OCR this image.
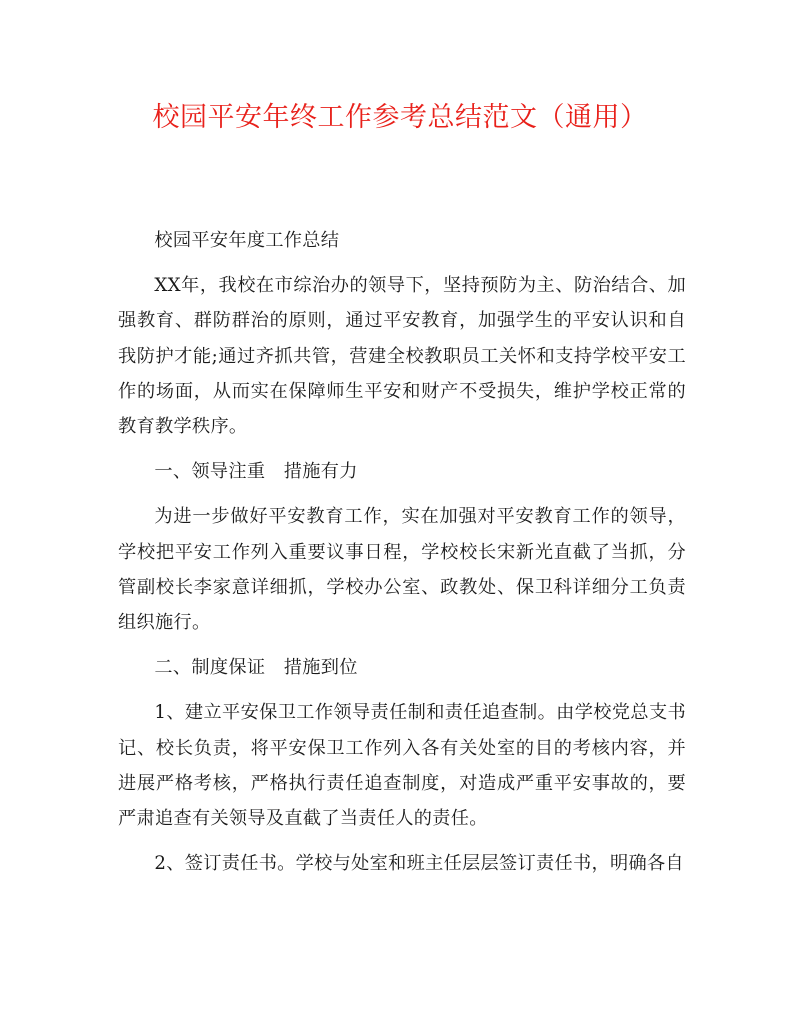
校园平安年终工作参考总结范文（通用）

校园平安年度工作总结

XX年，我校在市综治办的领导下，坚持预防为主、防治结合、加强教育、群防群治的原则，通过平安教育，加强学生的平安认识和自我防护才能;通过齐抓共管，营建全校教职员工关怀和支持学校平安工作的场面，从而实在保障师生平安和财产不受损失，维护学校正常的教育教学秩序。

一、领导注重　措施有力

为进一步做好平安教育工作，实在加强对平安教育工作的领导，学校把平安工作列入重要议事日程，学校校长宋新光直截了当抓，分管副校长李家意详细抓，学校办公室、政教处、保卫科详细分工负责组织施行。

二、制度保证　措施到位

1、建立平安保卫工作领导责任制和责任追查制。由学校党总支书记、校长负责，将平安保卫工作列入各有关处室的目的考核内容，并进展严格考核，严格执行责任追查制度，对造成严重平安事故的，要严肃追查有关领导及直截了当责任人的责任。

2、签订责任书。学校与处室和班主任层层签订责任书，明确各自
